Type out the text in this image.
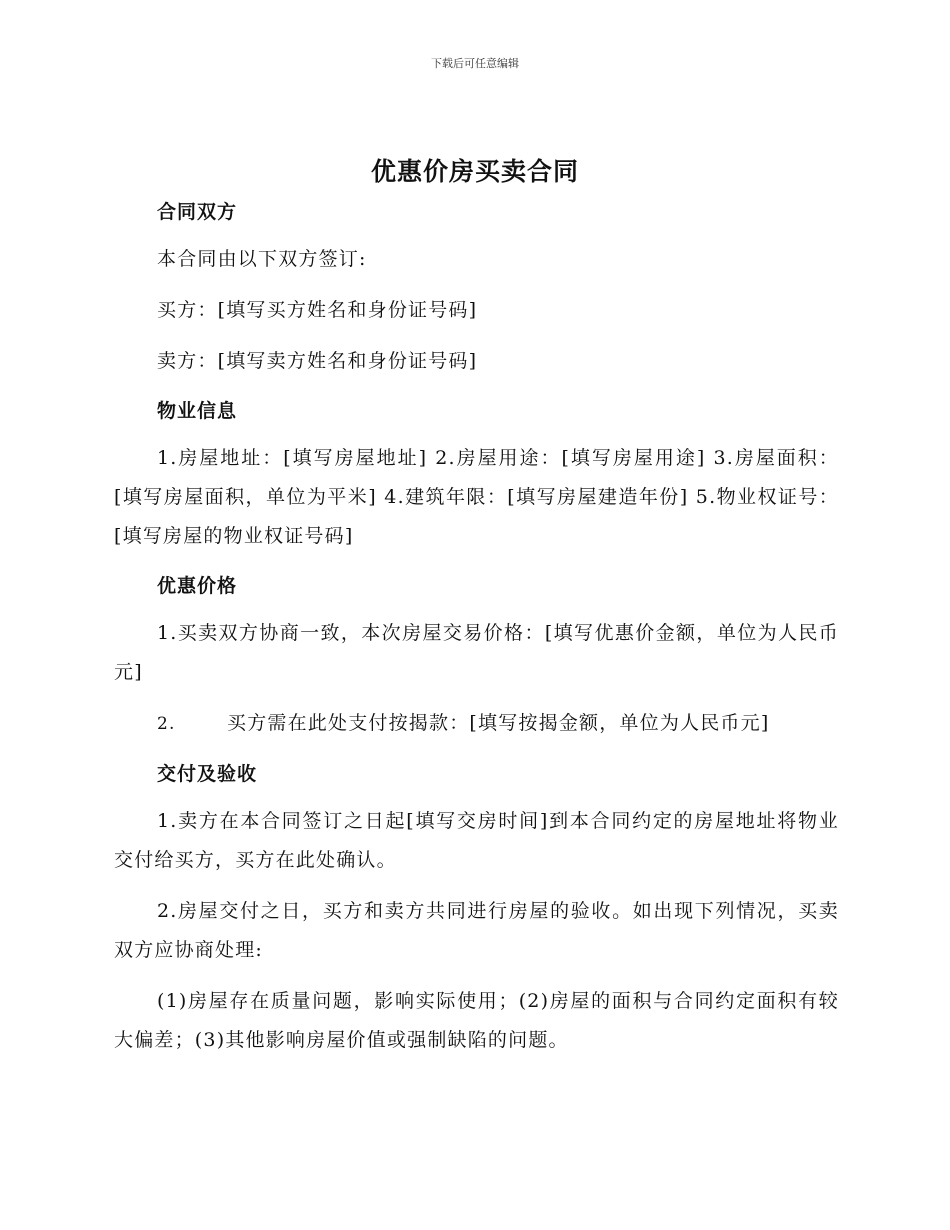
下载后可任意编辑
优惠价房买卖合同
合同双方

本合同由以下双方签订:

买方：[填写买方姓名和身份证号码]

卖方：[填写卖方姓名和身份证号码]

物业信息

1.房屋地址：[填写房屋地址] 2.房屋用途：[填写房屋用途] 3.房屋面积：[填写房屋面积，单位为平米] 4.建筑年限：[填写房屋建造年份] 5.物业权证号：[填写房屋的物业权证号码]

优惠价格

1.买卖双方协商一致，本次房屋交易价格：[填写优惠价金额，单位为人民币元]

2.	买方需在此处支付按揭款：[填写按揭金额，单位为人民币元]

交付及验收

1.卖方在本合同签订之日起[填写交房时间]到本合同约定的房屋地址将物业交付给买方，买方在此处确认。

2.房屋交付之日，买方和卖方共同进行房屋的验收。如出现下列情况，买卖双方应协商处理:

(1)房屋存在质量问题，影响实际使用；(2)房屋的面积与合同约定面积有较大偏差；(3)其他影响房屋价值或强制缺陷的问题。
